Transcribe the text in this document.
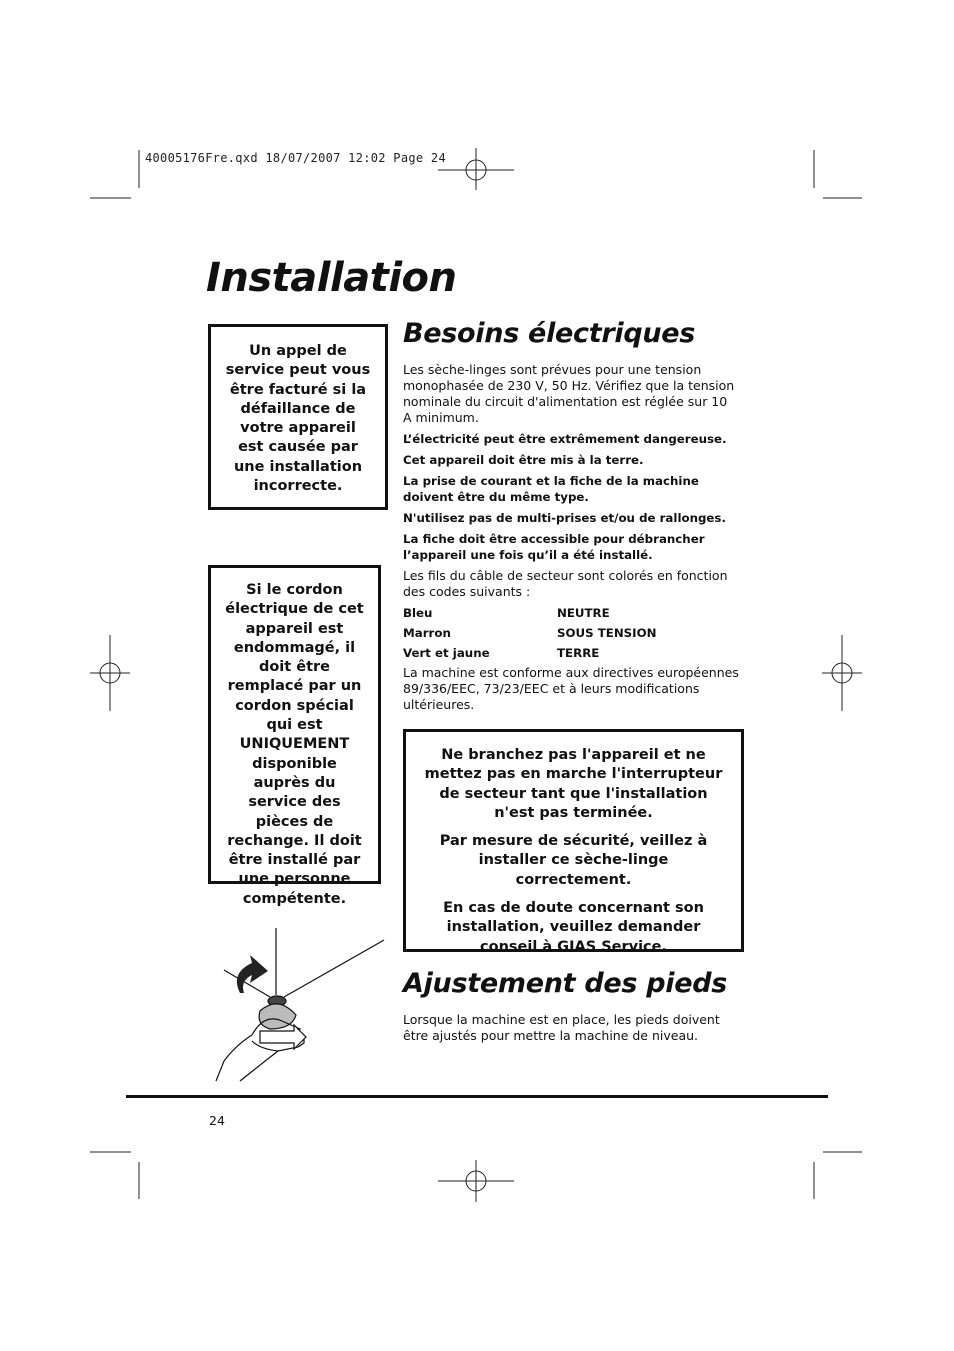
40005176Fre.qxd 18/07/2007 12:02 Page 24
Installation

Un appel de service peut vous être facturé si la défaillance de votre appareil est causée par une installation incorrecte.

Si le cordon électrique de cet appareil est endommagé, il doit être remplacé par un cordon spécial qui est UNIQUEMENT disponible auprès du service des pièces de rechange. Il doit être installé par une personne compétente.

Besoins électriques

Les sèche-linges sont prévues pour une tension monophasée de 230 V, 50 Hz. Vérifiez que la tension nominale du circuit d'alimentation est réglée sur 10 A minimum.

L’électricité peut être extrêmement dangereuse.

Cet appareil doit être mis à la terre.

La prise de courant et la fiche de la machine doivent être du même type.

N'utilisez pas de multi-prises et/ou de rallonges.

La fiche doit être accessible pour débrancher l’appareil une fois qu’il a été installé.

Les fils du câble de secteur sont colorés en fonction des codes suivants :

Bleu	NEUTRE
Marron	SOUS TENSION
Vert et jaune	TERRE

La machine est conforme aux directives européennes 89/336/EEC, 73/23/EEC et à leurs modifications ultérieures.

Ne branchez pas l'appareil et ne mettez pas en marche l'interrupteur de secteur tant que l'installation n'est pas terminée.

Par mesure de sécurité, veillez à installer ce sèche-linge correctement.

En cas de doute concernant son installation, veuillez demander conseil à GIAS Service.

Ajustement des pieds
Lorsque la machine est en place, les pieds doivent être ajustés pour mettre la machine de niveau.
24
